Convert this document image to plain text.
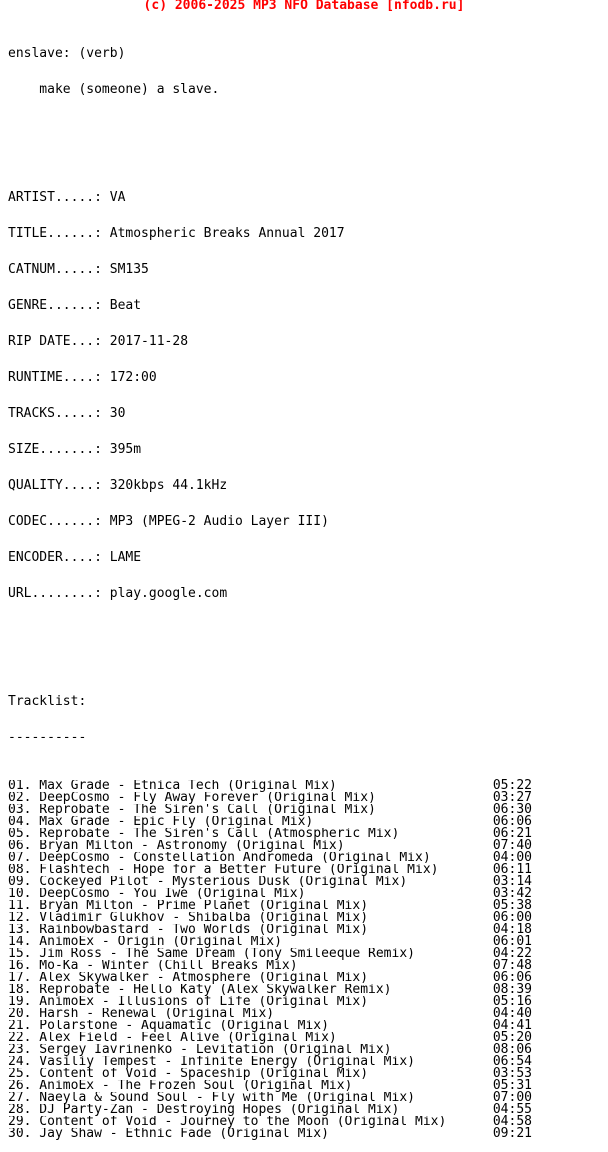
(c) 2006-2025 MP3 NFO Database [nfodb.ru]

enslave: (verb)

make (someone) a slave.

ARTIST.....: VA

TITLE......: Atmospheric Breaks Annual 2017

CATNUM.....: SM135

GENRE......: Beat

RIP DATE...: 2017-11-28

RUNTIME....: 172:00

TRACKS.....: 30

SIZE.......: 395m

QUALITY....: 320kbps 44.1kHz

CODEC......: MP3 (MPEG-2 Audio Layer III)

ENCODER....: LAME

URL........: play.google.com

Tracklist:

----------

01. Max Grade - Etnica Tech (Original Mix)	05:22
02. DeepCosmo - Fly Away Forever (Original Mix)	03:27
03. Reprobate - The Siren's Call (Original Mix)	06:30
04. Max Grade - Epic Fly (Original Mix)	06:06
05. Reprobate - The Siren's Call (Atmospheric Mix)	06:21
06. Bryan Milton - Astronomy (Original Mix)	07:40
07. DeepCosmo - Constellation Andromeda (Original Mix)	04:00
08. Flashtech - Hope for a Better Future (Original Mix)	06:11
09. Cockeyed Pilot - Mysterious Dusk (Original Mix)	03:14
10. DeepCosmo - You Iwe (Original Mix)	03:42
11. Bryan Milton - Prime Planet (Original Mix)	05:38
12. Vladimir Glukhov - Shibalba (Original Mix)	06:00
13. Rainbowbastard - Two Worlds (Original Mix)	04:18
14. AnimoEx - Origin (Original Mix)	06:01
15. Jim Ross - The Same Dream (Tony Smileeque Remix)	04:22
16. Mo-Ka - Winter (Chill Breaks Mix)	07:48
17. Alex Skywalker - Atmosphere (Original Mix)	06:06
18. Reprobate - Hello Katy (Alex Skywalker Remix)	08:39
19. AnimoEx - Illusions of Life (Original Mix)	05:16
20. Harsh - Renewal (Original Mix)	04:40
21. Polarstone - Aquamatic (Original Mix)	04:41
22. Alex Field - Feel Alive (Original Mix)	05:20
23. Sergey Iavrinenko - Levitation (Original Mix)	08:06
24. Vasiliy Tempest - Infinite Energy (Original Mix)	06:54
25. Content of Void - Spaceship (Original Mix)	03:53
26. AnimoEx - The Frozen Soul (Original Mix)	05:31
27. Naeyla & Sound Soul - Fly with Me (Original Mix)	07:00
28. DJ Party-Zan - Destroying Hopes (Original Mix)	04:55
29. Content of Void - Journey to the Moon (Original Mix)	04:58
30. Jay Shaw - Ethnic Fade (Original Mix)	09:21
